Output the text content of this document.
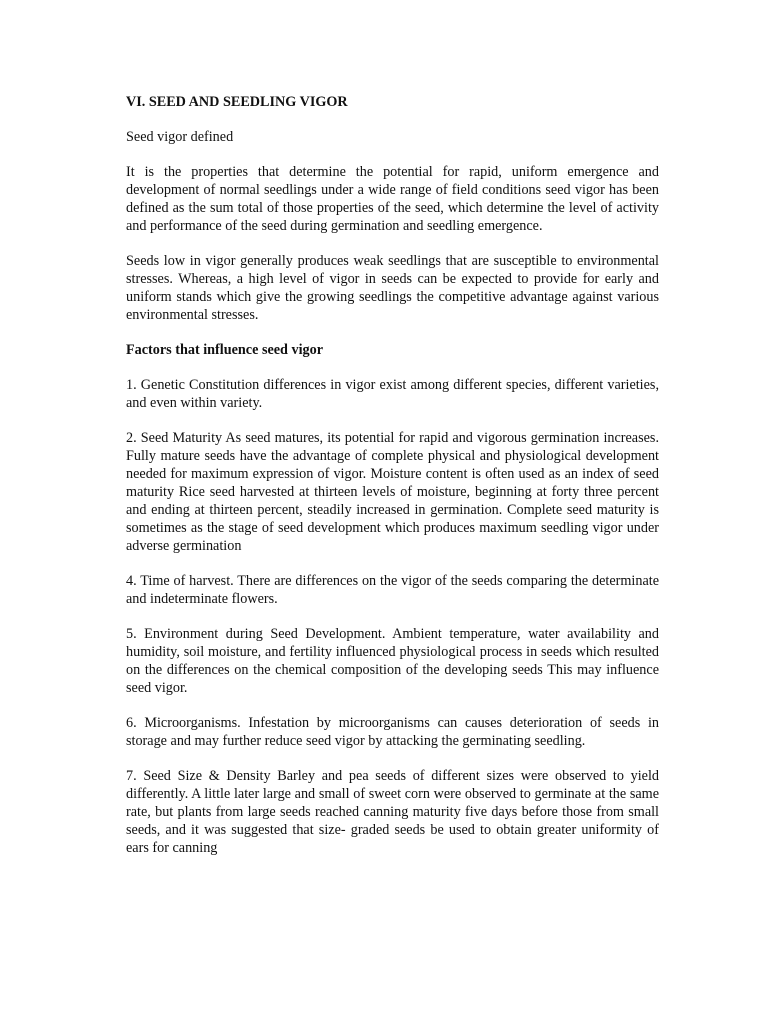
VI. SEED AND SEEDLING VIGOR

Seed vigor defined

It is the properties that determine the potential for rapid, uniform emergence and development of normal seedlings under a wide range of field conditions seed vigor has been defined as the sum total of those properties of the seed, which determine the level of activity and performance of the seed during germination and seedling emergence.

Seeds low in vigor generally produces weak seedlings that are susceptible to environmental stresses. Whereas, a high level of vigor in seeds can be expected to provide for early and uniform stands which give the growing seedlings the competitive advantage against various environmental stresses.

Factors that influence seed vigor

1. Genetic Constitution differences in vigor exist among different species, different varieties, and even within variety.

2. Seed Maturity As seed matures, its potential for rapid and vigorous germination increases. Fully mature seeds have the advantage of complete physical and physiological development needed for maximum expression of vigor. Moisture content is often used as an index of seed maturity Rice seed harvested at thirteen levels of moisture, beginning at forty three percent and ending at thirteen percent, steadily increased in germination. Complete seed maturity is sometimes as the stage of seed development which produces maximum seedling vigor under adverse germination

4. Time of harvest. There are differences on the vigor of the seeds comparing the determinate and indeterminate flowers.

5. Environment during Seed Development. Ambient temperature, water availability and humidity, soil moisture, and fertility influenced physiological process in seeds which resulted on the differences on the chemical composition of the developing seeds This may influence seed vigor.

6. Microorganisms. Infestation by microorganisms can causes deterioration of seeds in storage and may further reduce seed vigor by attacking the germinating seedling.

7. Seed Size & Density Barley and pea seeds of different sizes were observed to yield differently. A little later large and small of sweet corn were observed to germinate at the same rate, but plants from large seeds reached canning maturity five days before those from small seeds, and it was suggested that size- graded seeds be used to obtain greater uniformity of ears for canning
